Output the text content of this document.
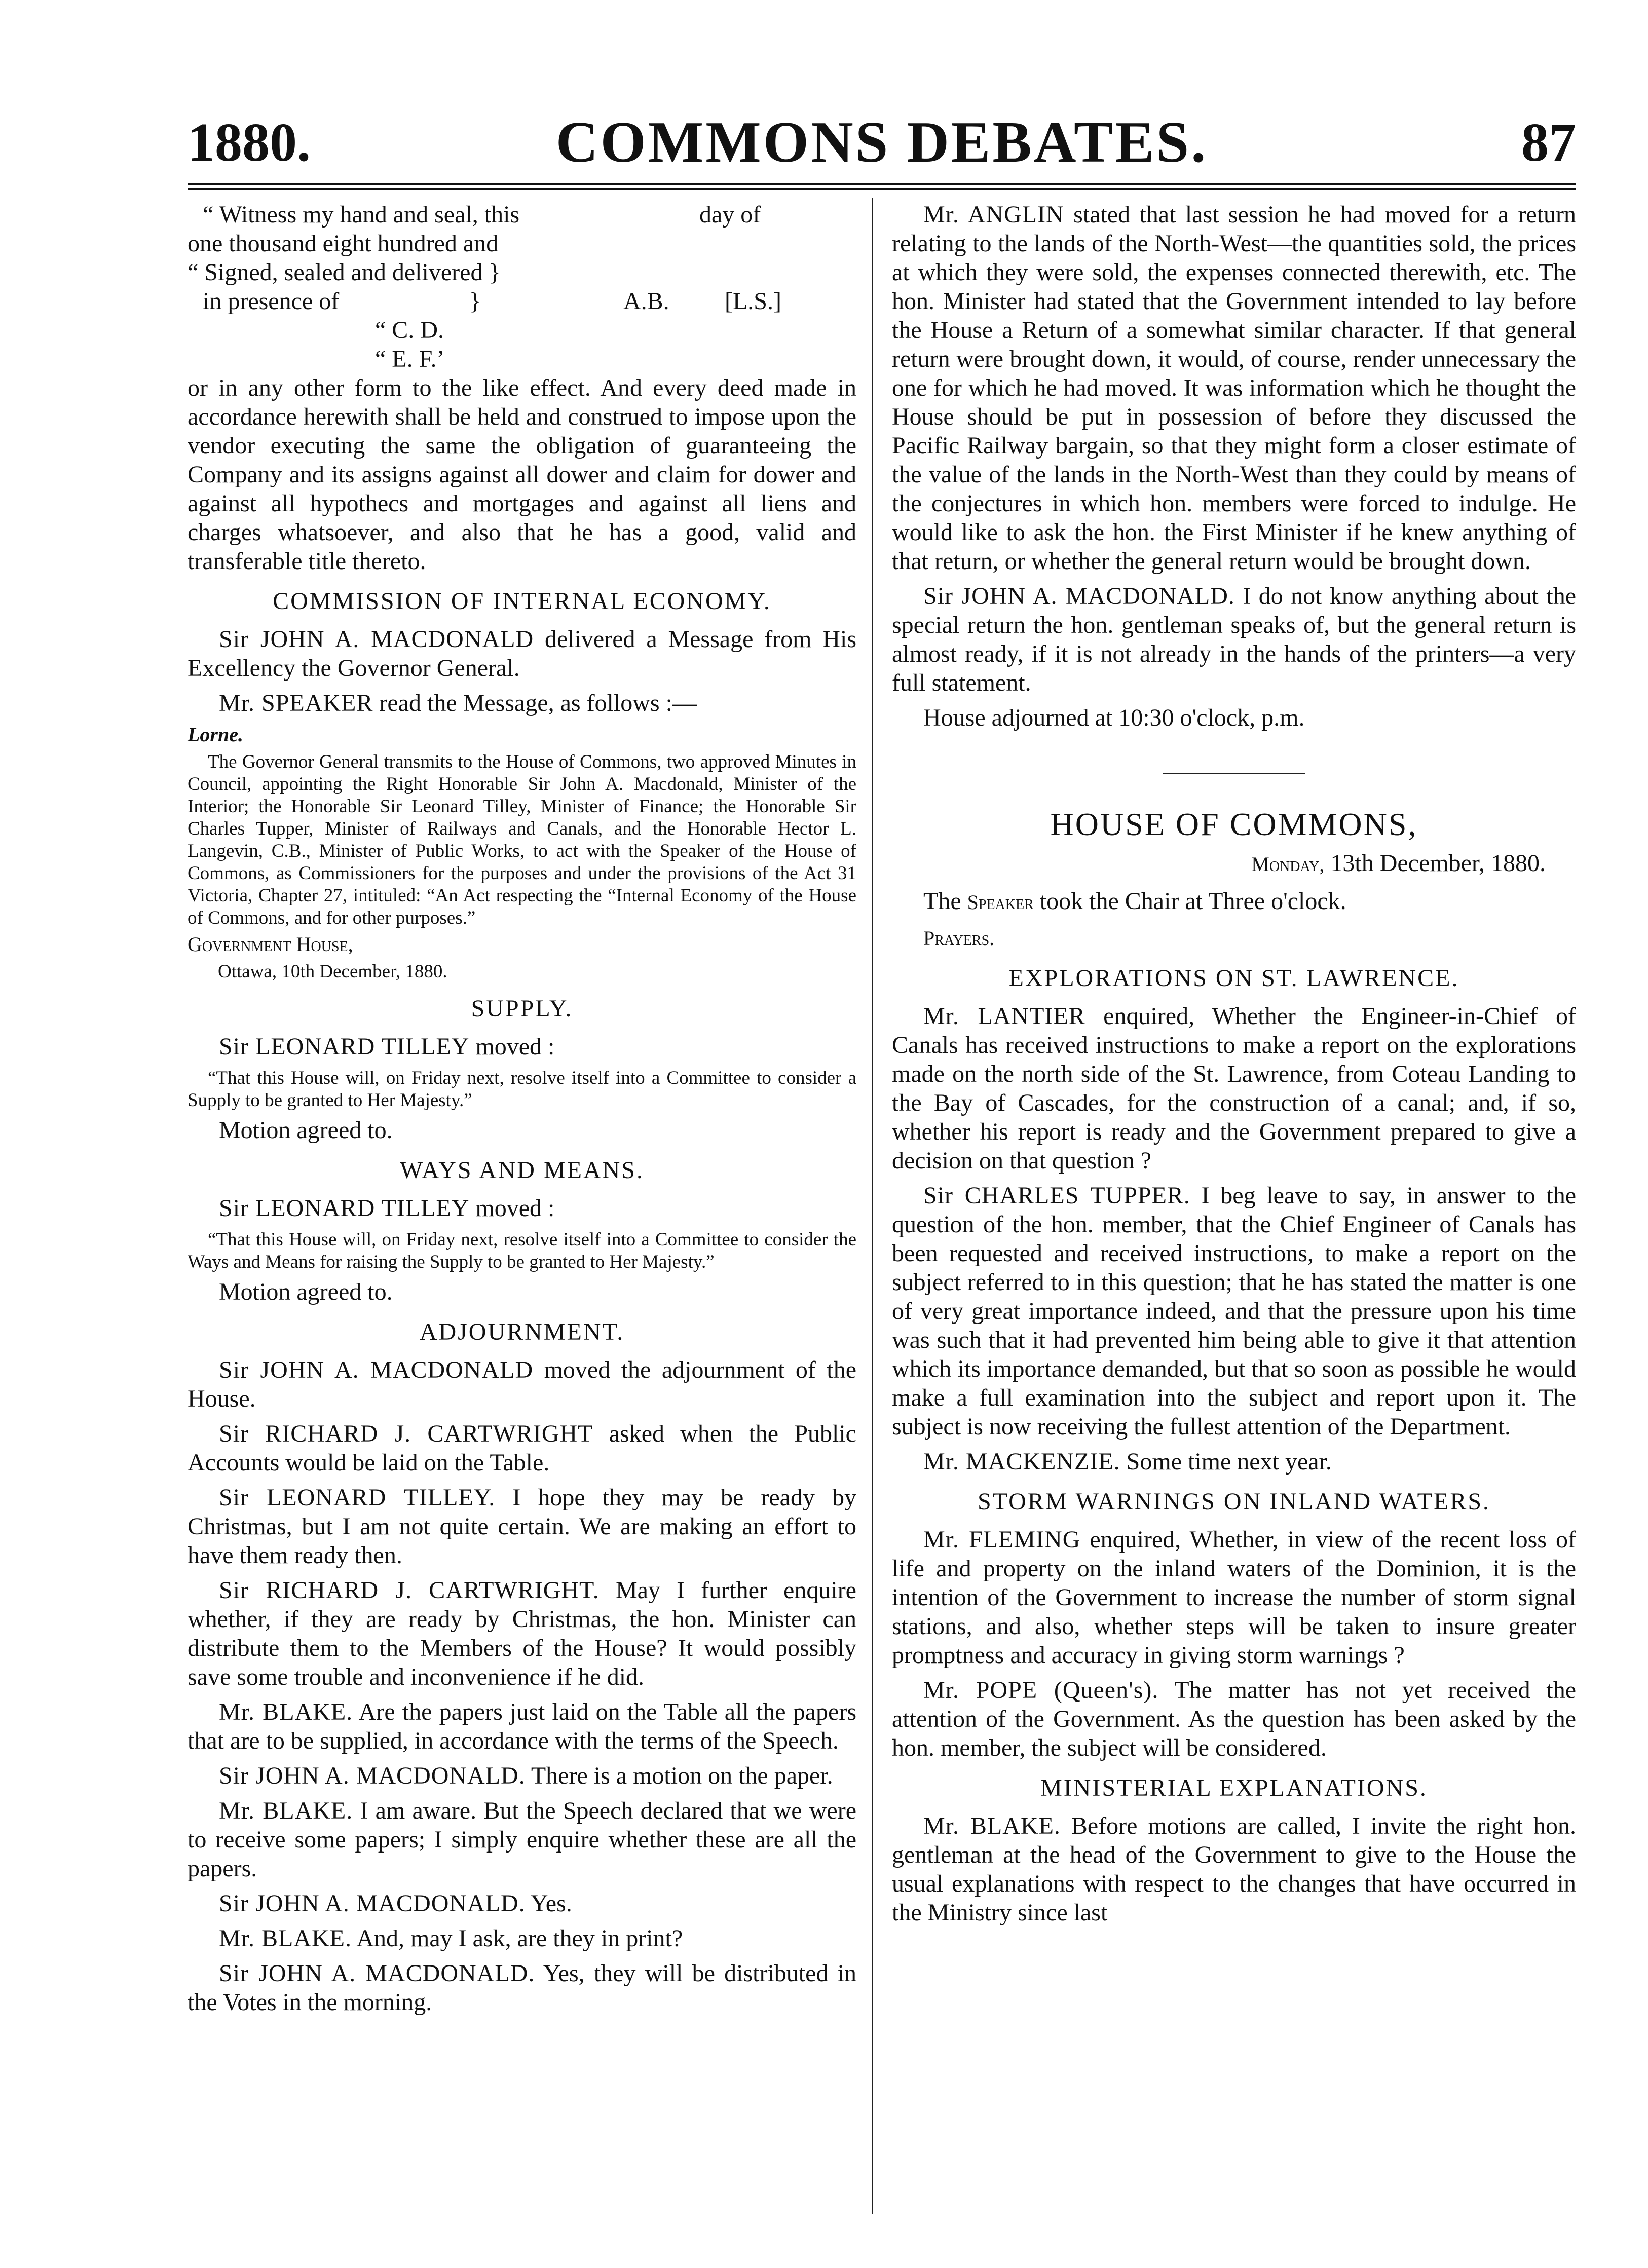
1880.	COMMONS DEBATES.	87
“ Witness my hand and seal, this	day of
one thousand eight hundred and
“ Signed, sealed and delivered }
in presence of	}	A.B. [L.S.]
“ C. D.
“ E. F.’

or in any other form to the like effect. And every deed made in accordance herewith shall be held and construed to impose upon the vendor executing the same the obligation of guaranteeing the Company and its assigns against all dower and claim for dower and against all hypothecs and mortgages and against all liens and charges whatsoever, and also that he has a good, valid and transferable title thereto.

COMMISSION OF INTERNAL ECONOMY.

Sir JOHN A. MACDONALD delivered a Message from His Excellency the Governor General.

Mr. SPEAKER read the Message, as follows :—

Lorne.

The Governor General transmits to the House of Commons, two approved Minutes in Council, appointing the Right Honorable Sir John A. Macdonald, Minister of the Interior; the Honorable Sir Leonard Tilley, Minister of Finance; the Honorable Sir Charles Tupper, Minister of Railways and Canals, and the Honorable Hector L. Langevin, C.B., Minister of Public Works, to act with the Speaker of the House of Commons, as Commissioners for the purposes and under the provisions of the Act 31 Victoria, Chapter 27, intituled: “An Act respecting the “Internal Economy of the House of Commons, and for other purposes.”

Government House,

Ottawa, 10th December, 1880.

SUPPLY.

Sir LEONARD TILLEY moved :

“That this House will, on Friday next, resolve itself into a Committee to consider a Supply to be granted to Her Majesty.”

Motion agreed to.

WAYS AND MEANS.

Sir LEONARD TILLEY moved :

“That this House will, on Friday next, resolve itself into a Committee to consider the Ways and Means for raising the Supply to be granted to Her Majesty.”

Motion agreed to.

ADJOURNMENT.

Sir JOHN A. MACDONALD moved the adjournment of the House.

Sir RICHARD J. CARTWRIGHT asked when the Public Accounts would be laid on the Table.

Sir LEONARD TILLEY. I hope they may be ready by Christmas, but I am not quite certain. We are making an effort to have them ready then.

Sir RICHARD J. CARTWRIGHT. May I further enquire whether, if they are ready by Christmas, the hon. Minister can distribute them to the Members of the House? It would possibly save some trouble and inconvenience if he did.

Mr. BLAKE. Are the papers just laid on the Table all the papers that are to be supplied, in accordance with the terms of the Speech.

Sir JOHN A. MACDONALD. There is a motion on the paper.

Mr. BLAKE. I am aware. But the Speech declared that we were to receive some papers; I simply enquire whether these are all the papers.

Sir JOHN A. MACDONALD. Yes.

Mr. BLAKE. And, may I ask, are they in print?

Sir JOHN A. MACDONALD. Yes, they will be distributed in the Votes in the morning.

Mr. ANGLIN stated that last session he had moved for a return relating to the lands of the North-West—the quantities sold, the prices at which they were sold, the expenses connected therewith, etc. The hon. Minister had stated that the Government intended to lay before the House a Return of a somewhat similar character. If that general return were brought down, it would, of course, render unnecessary the one for which he had moved. It was information which he thought the House should be put in possession of before they discussed the Pacific Railway bargain, so that they might form a closer estimate of the value of the lands in the North-West than they could by means of the conjectures in which hon. members were forced to indulge. He would like to ask the hon. the First Minister if he knew anything of that return, or whether the general return would be brought down.

Sir JOHN A. MACDONALD. I do not know anything about the special return the hon. gentleman speaks of, but the general return is almost ready, if it is not already in the hands of the printers—a very full statement.

House adjourned at 10:30 o'clock, p.m.

HOUSE OF COMMONS,
Monday, 13th December, 1880.

The Speaker took the Chair at Three o'clock.

Prayers.

EXPLORATIONS ON ST. LAWRENCE.

Mr. LANTIER enquired, Whether the Engineer-in-Chief of Canals has received instructions to make a report on the explorations made on the north side of the St. Lawrence, from Coteau Landing to the Bay of Cascades, for the construction of a canal; and, if so, whether his report is ready and the Government prepared to give a decision on that question ?

Sir CHARLES TUPPER. I beg leave to say, in answer to the question of the hon. member, that the Chief Engineer of Canals has been requested and received instructions, to make a report on the subject referred to in this question; that he has stated the matter is one of very great importance indeed, and that the pressure upon his time was such that it had prevented him being able to give it that attention which its importance demanded, but that so soon as possible he would make a full examination into the subject and report upon it. The subject is now receiving the fullest attention of the Department.

Mr. MACKENZIE. Some time next year.

STORM WARNINGS ON INLAND WATERS.

Mr. FLEMING enquired, Whether, in view of the recent loss of life and property on the inland waters of the Dominion, it is the intention of the Government to increase the number of storm signal stations, and also, whether steps will be taken to insure greater promptness and accuracy in giving storm warnings ?

Mr. POPE (Queen's). The matter has not yet received the attention of the Government. As the question has been asked by the hon. member, the subject will be considered.

MINISTERIAL EXPLANATIONS.

Mr. BLAKE. Before motions are called, I invite the right hon. gentleman at the head of the Government to give to the House the usual explanations with respect to the changes that have occurred in the Ministry since last
